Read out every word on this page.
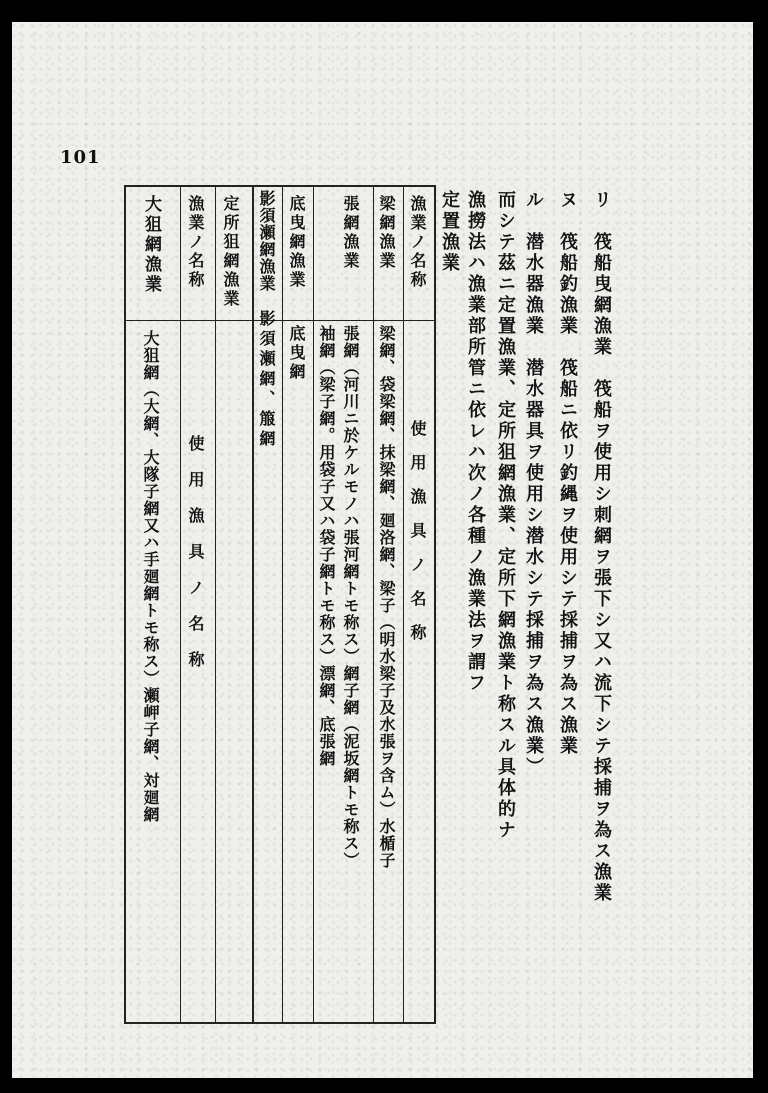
101
リ　筏船曳網漁業　筏船ヲ使用シ刺網ヲ張下シ又ハ流下シテ採捕ヲ為ス漁業
ヌ　筏船釣漁業　筏船ニ依リ釣縄ヲ使用シテ採捕ヲ為ス漁業
ル　潜水器漁業　潜水器具ヲ使用シ潜水シテ採捕ヲ為ス漁業）
而シテ茲ニ定置漁業、定所狙網漁業、定所下網漁業ト称スル具体的ナ
漁撈法ハ漁業部所管ニ依レハ次ノ各種ノ漁業法ヲ謂フ
定置漁業
漁業ノ名称
使用漁具ノ名称
梁網漁業
梁網、袋梁網、抹梁網、廻洛網、梁子（明水梁子及水張ヲ含ム）水楯子
張網漁業
張網（河川ニ於ケルモノハ張河網トモ称ス）網子網（泥坂網トモ称ス）
袖網（梁子網。用袋子又ハ袋子網トモ称ス）漂網、底張網
底曳網漁業
底曳網
影須瀬網漁業
影須瀬網、箙網
定所狙網漁業
漁業ノ名称
使用漁具ノ名称
大狙網漁業
大狙網（大網、大隊子網又ハ手廻網トモ称ス）瀬岬子網、対廻網
